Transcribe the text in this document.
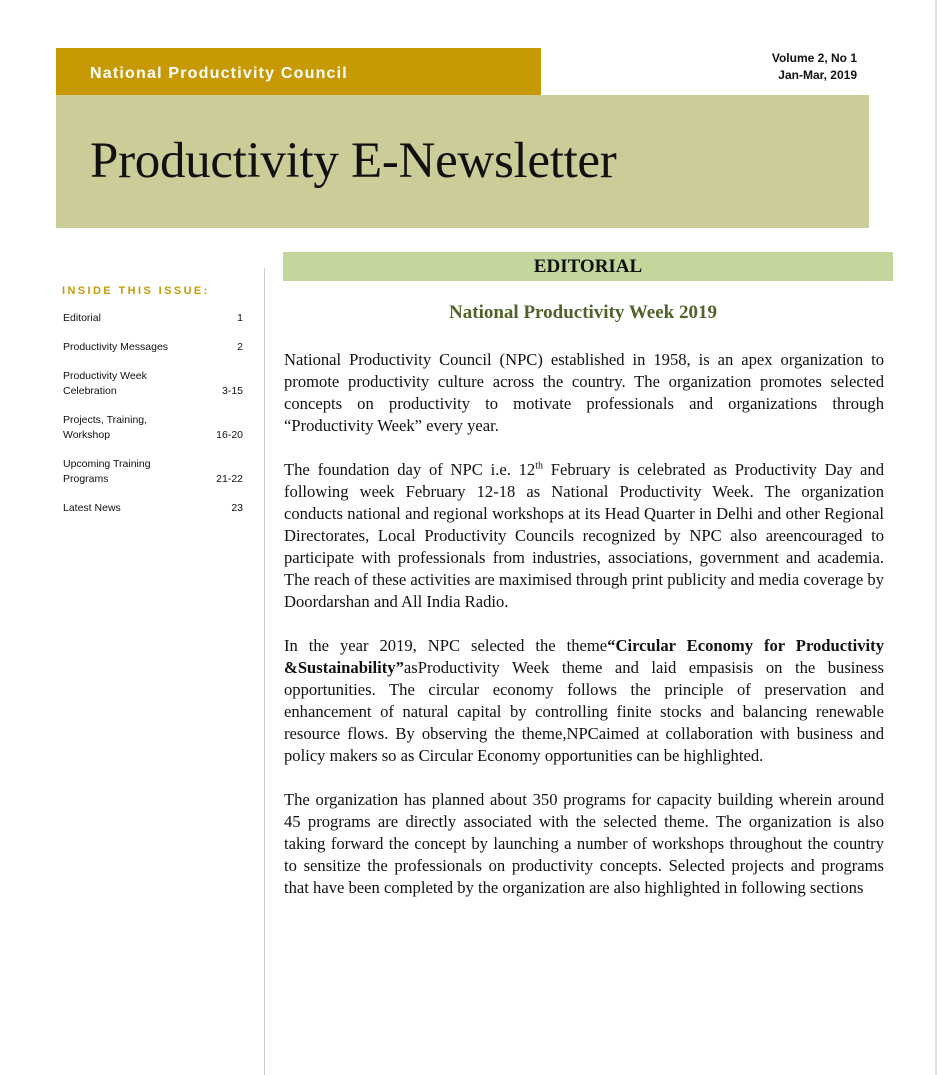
National Productivity Council
Volume 2, No 1
Jan-Mar, 2019
Productivity E-Newsletter
INSIDE THIS ISSUE:
Editorial	1
Productivity Messages	2
Productivity Week Celebration	3-15
Projects, Training, Workshop	16-20
Upcoming Training Programs	21-22
Latest News	23
EDITORIAL
National Productivity Week 2019

National Productivity Council (NPC) established in 1958, is an apex organization to promote productivity culture across the country. The organization promotes selected concepts on productivity to motivate professionals and organizations through “Productivity Week” every year.

The foundation day of NPC i.e. 12th February is celebrated as Productivity Day and following week February 12-18 as National Productivity Week. The organization conducts national and regional workshops at its Head Quarter in Delhi and other Regional Directorates, Local Productivity Councils recognized by NPC also areencouraged to participate with professionals from industries, associations, government and academia. The reach of these activities are maximised through print publicity and media coverage by Doordarshan and All India Radio.

In the year 2019, NPC selected the theme“Circular Economy for Productivity &Sustainability”asProductivity Week theme and laid empasisis on the business opportunities. The circular economy follows the principle of preservation and enhancement of natural capital by controlling finite stocks and balancing renewable resource flows. By observing the theme,NPCaimed at collaboration with business and policy makers so as Circular Economy opportunities can be highlighted.

The organization has planned about 350 programs for capacity building wherein around 45 programs are directly associated with the selected theme. The organization is also taking forward the concept by launching a number of workshops throughout the country to sensitize the professionals on productivity concepts. Selected projects and programs that have been completed by the organization are also highlighted in following sections
